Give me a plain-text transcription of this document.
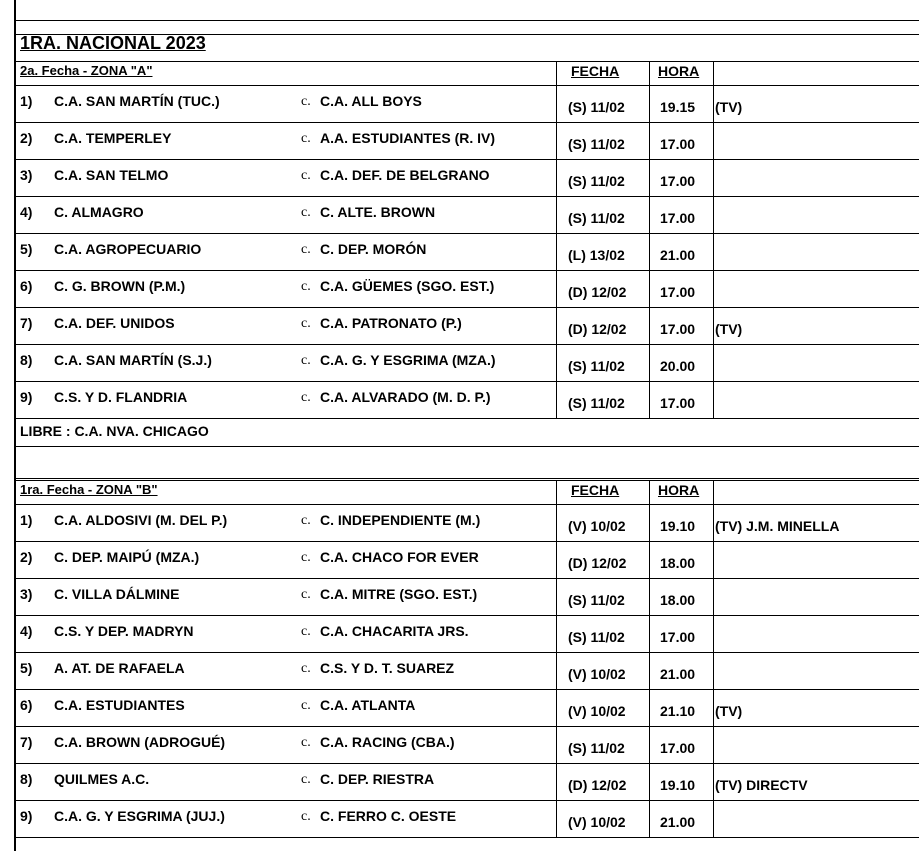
1RA. NACIONAL 2023
2a. Fecha - ZONA "A"	FECHA	HORA
1)	C.A. SAN MARTÍN (TUC.)	c. C.A. ALL BOYS	(S) 11/02	19.15 (TV)
2)	C.A. TEMPERLEY	c. A.A. ESTUDIANTES (R. IV)	(S) 11/02	17.00
3)	C.A. SAN TELMO	c. C.A. DEF. DE BELGRANO	(S) 11/02	17.00
4)	C. ALMAGRO	c. C. ALTE. BROWN	(S) 11/02	17.00
5)	C.A. AGROPECUARIO	c. C. DEP. MORÓN	(L) 13/02	21.00
6)	C. G. BROWN (P.M.)	c. C.A. GÜEMES (SGO. EST.)	(D) 12/02 17.00
7)	C.A. DEF. UNIDOS	c. C.A. PATRONATO (P.)	(D) 12/02 17.00 (TV)
8)	C.A. SAN MARTÍN (S.J.)	c. C.A. G. Y ESGRIMA (MZA.)	(S) 11/02	20.00
9)	C.S. Y D. FLANDRIA	c. C.A. ALVARADO (M. D. P.)	(S) 11/02	17.00
LIBRE : C.A. NVA. CHICAGO
1ra. Fecha - ZONA "B"	FECHA	HORA
1)	C.A. ALDOSIVI (M. DEL P.)	c. C. INDEPENDIENTE (M.)	(V) 10/02 19.10 (TV) J.M. MINELLA
2)	C. DEP. MAIPÚ (MZA.)	c. C.A. CHACO FOR EVER	(D) 12/02 18.00
3)	C. VILLA DÁLMINE	c. C.A. MITRE (SGO. EST.)	(S) 11/02	18.00
4)	C.S. Y DEP. MADRYN	c. C.A. CHACARITA JRS.	(S) 11/02	17.00
5)	A. AT. DE RAFAELA	c. C.S. Y D. T. SUAREZ	(V) 10/02 21.00
6)	C.A. ESTUDIANTES	c. C.A. ATLANTA	(V) 10/02 21.10 (TV)
7)	C.A. BROWN (ADROGUÉ)	c. C.A. RACING (CBA.)	(S) 11/02	17.00
8)	QUILMES A.C.	c. C. DEP. RIESTRA	(D) 12/02 19.10 (TV) DIRECTV
9)	C.A. G. Y ESGRIMA (JUJ.)	c. C. FERRO C. OESTE	(V) 10/02 21.00
